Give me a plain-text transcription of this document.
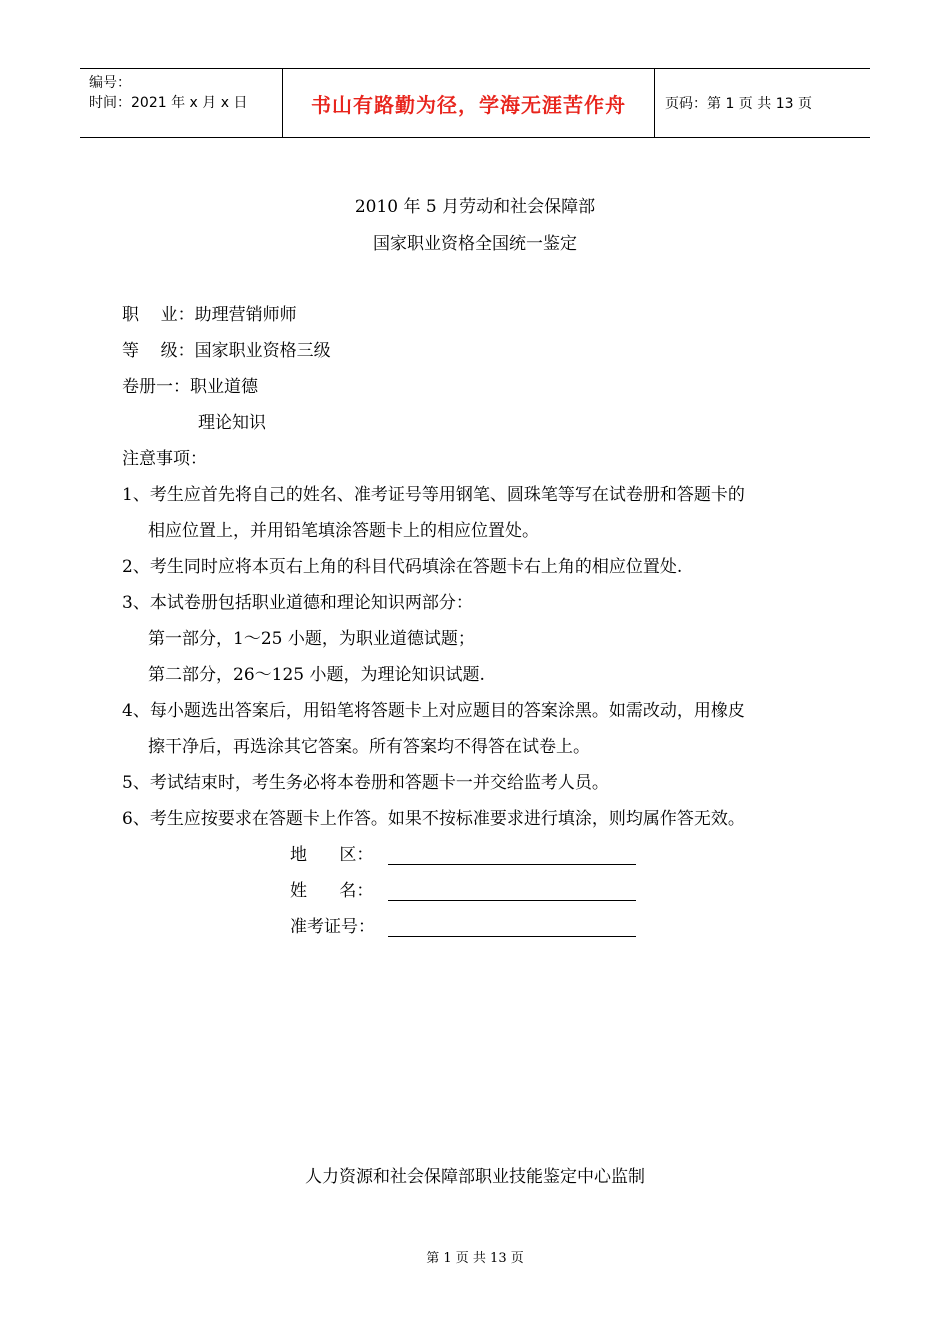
编号：
时间：2021 年 x 月 x 日	书山有路勤为径，学海无涯苦作舟	页码：第 1 页 共 13 页
2010 年 5 月劳动和社会保障部
国家职业资格全国统一鉴定
职    业：助理营销师师
等    级：国家职业资格三级
卷册一：职业道德
理论知识
注意事项：
1、考生应首先将自己的姓名、准考证号等用钢笔、圆珠笔等写在试卷册和答题卡的
相应位置上，并用铅笔填涂答题卡上的相应位置处。
2、考生同时应将本页右上角的科目代码填涂在答题卡右上角的相应位置处.
3、本试卷册包括职业道德和理论知识两部分：
第一部分，1～25 小题，为职业道德试题；
第二部分，26～125 小题，为理论知识试题.
4、每小题选出答案后，用铅笔将答题卡上对应题目的答案涂黑。如需改动，用橡皮
擦干净后，再选涂其它答案。所有答案均不得答在试卷上。
5、考试结束时，考生务必将本卷册和答题卡一并交给监考人员。
6、考生应按要求在答题卡上作答。如果不按标准要求进行填涂，则均属作答无效。
地      区：
姓      名：
准考证号：
人力资源和社会保障部职业技能鉴定中心监制
第 1 页 共 13 页
